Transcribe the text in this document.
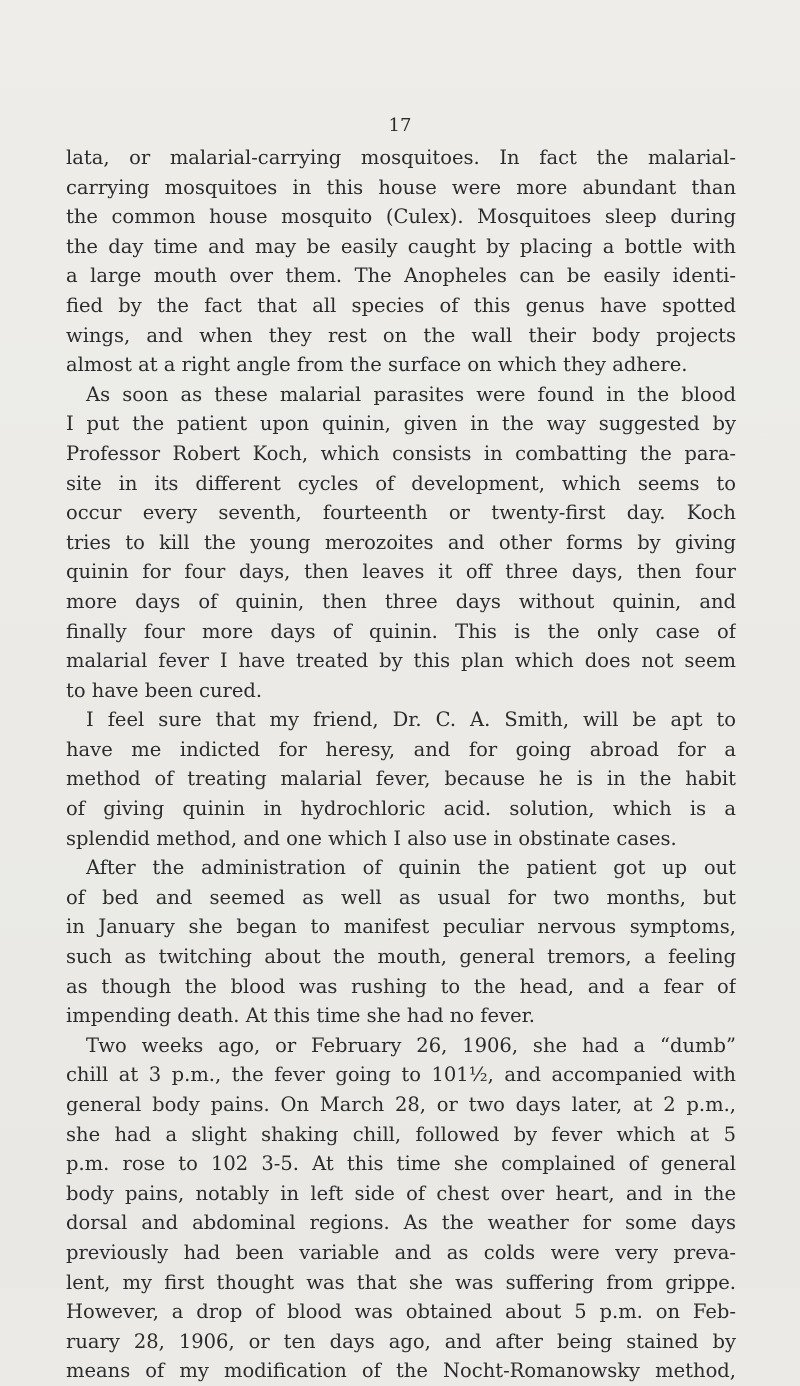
17
lata, or malarial-carrying mosquitoes. In fact the malarial-
carrying mosquitoes in this house were more abundant than
the common house mosquito (Culex). Mosquitoes sleep during
the day time and may be easily caught by placing a bottle with
a large mouth over them. The Anopheles can be easily identi-
fied by the fact that all species of this genus have spotted
wings, and when they rest on the wall their body projects
almost at a right angle from the surface on which they adhere.
As soon as these malarial parasites were found in the blood
I put the patient upon quinin, given in the way suggested by
Professor Robert Koch, which consists in combatting the para-
site in its different cycles of development, which seems to
occur every seventh, fourteenth or twenty-first day. Koch
tries to kill the young merozoites and other forms by giving
quinin for four days, then leaves it off three days, then four
more days of quinin, then three days without quinin, and
finally four more days of quinin. This is the only case of
malarial fever I have treated by this plan which does not seem
to have been cured.
I feel sure that my friend, Dr. C. A. Smith, will be apt to
have me indicted for heresy, and for going abroad for a
method of treating malarial fever, because he is in the habit
of giving quinin in hydrochloric acid. solution, which is a
splendid method, and one which I also use in obstinate cases.
After the administration of quinin the patient got up out
of bed and seemed as well as usual for two months, but
in January she began to manifest peculiar nervous symptoms,
such as twitching about the mouth, general tremors, a feeling
as though the blood was rushing to the head, and a fear of
impending death. At this time she had no fever.
Two weeks ago, or February 26, 1906, she had a “dumb”
chill at 3 p.m., the fever going to 101½, and accompanied with
general body pains. On March 28, or two days later, at 2 p.m.,
she had a slight shaking chill, followed by fever which at 5
p.m. rose to 102 3-5. At this time she complained of general
body pains, notably in left side of chest over heart, and in the
dorsal and abdominal regions. As the weather for some days
previously had been variable and as colds were very preva-
lent, my first thought was that she was suffering from grippe.
However, a drop of blood was obtained about 5 p.m. on Feb-
ruary 28, 1906, or ten days ago, and after being stained by
means of my modification of the Nocht-Romanowsky method,
